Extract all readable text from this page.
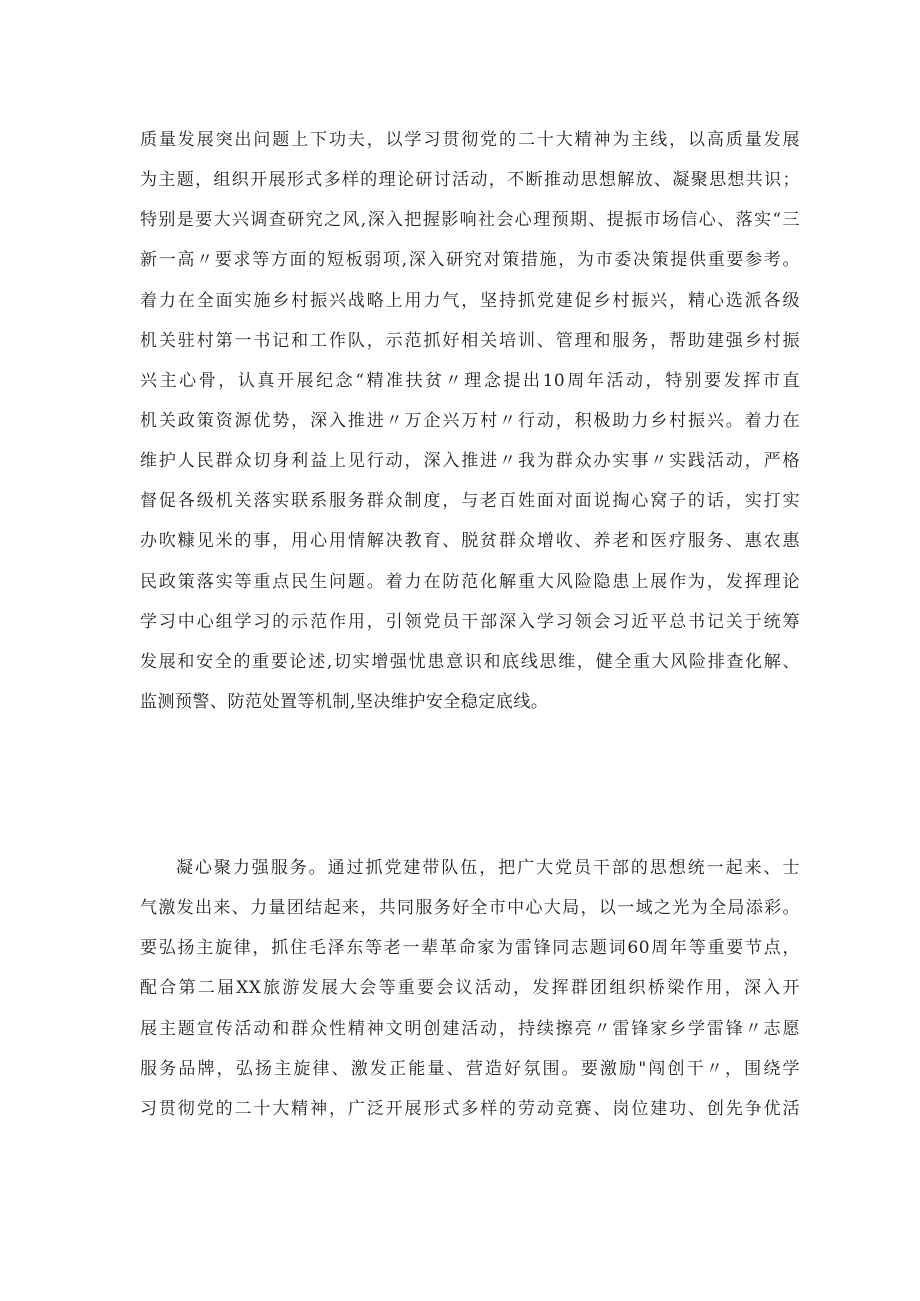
质量发展突出问题上下功夫，以学习贯彻党的二十大精神为主线，以高质量发展
为主题，组织开展形式多样的理论研讨活动，不断推动思想解放、凝聚思想共识；
特别是要大兴调查研究之风,深入把握影响社会心理预期、提振市场信心、落实“三
新一高〃要求等方面的短板弱项,深入研究对策措施，为市委决策提供重要参考。
着力在全面实施乡村振兴战略上用力气，坚持抓党建促乡村振兴，精心选派各级
机关驻村第一书记和工作队，示范抓好相关培训、管理和服务，帮助建强乡村振
兴主心骨，认真开展纪念“精准扶贫〃理念提出10周年活动，特别要发挥市直
机关政策资源优势，深入推进〃万企兴万村〃行动，积极助力乡村振兴。着力在
维护人民群众切身利益上见行动，深入推进〃我为群众办实事〃实践活动，严格
督促各级机关落实联系服务群众制度，与老百姓面对面说掏心窝子的话，实打实
办吹糠见米的事，用心用情解决教育、脱贫群众增收、养老和医疗服务、惠农惠
民政策落实等重点民生问题。着力在防范化解重大风险隐患上展作为，发挥理论
学习中心组学习的示范作用，引领党员干部深入学习领会习近平总书记关于统筹
发展和安全的重要论述,切实增强忧患意识和底线思维，健全重大风险排查化解、
监测预警、防范处置等机制,坚决维护安全稳定底线。
凝心聚力强服务。通过抓党建带队伍，把广大党员干部的思想统一起来、士
气激发出来、力量团结起来，共同服务好全市中心大局，以一域之光为全局添彩。
要弘扬主旋律，抓住毛泽东等老一辈革命家为雷锋同志题词60周年等重要节点，
配合第二届XX旅游发展大会等重要会议活动，发挥群团组织桥梁作用，深入开
展主题宣传活动和群众性精神文明创建活动，持续擦亮〃雷锋家乡学雷锋〃志愿
服务品牌，弘扬主旋律、激发正能量、营造好氛围。要激励"闯创干〃，围绕学
习贯彻党的二十大精神，广泛开展形式多样的劳动竞赛、岗位建功、创先争优活
